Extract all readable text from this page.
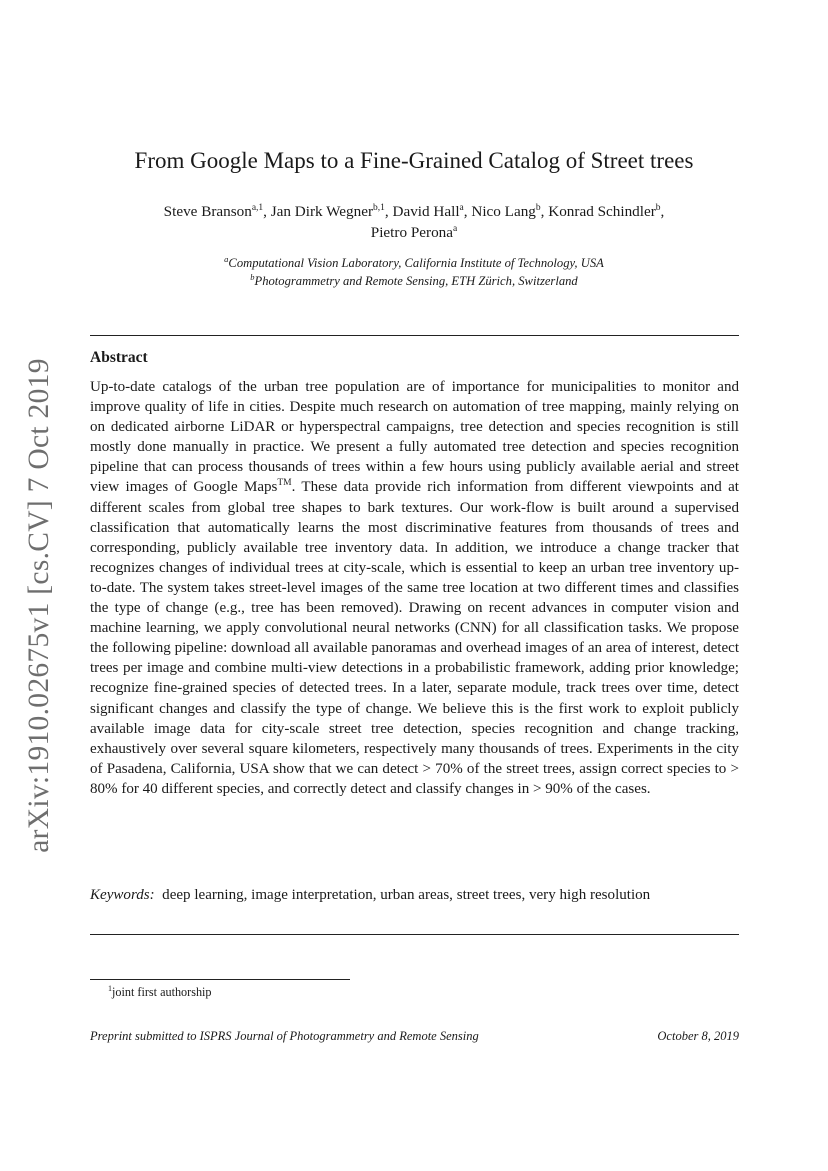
arXiv:1910.02675v1 [cs.CV] 7 Oct 2019
From Google Maps to a Fine-Grained Catalog of Street trees
Steve Branson$^{a,1}$, Jan Dirk Wegner$^{b,1}$, David Hall$^a$, Nico Lang$^b$, Konrad Schindler$^b$,
Pietro Perona$^a$
$^a$Computational Vision Laboratory, California Institute of Technology, USA
$^b$Photogrammetry and Remote Sensing, ETH Zürich, Switzerland
Abstract
Up-to-date catalogs of the urban tree population are of importance for municipalities to monitor and improve quality of life in cities. Despite much research on automation of tree mapping, mainly relying on on dedicated airborne LiDAR or hyperspectral campaigns, tree detection and species recognition is still mostly done manually in practice. We present a fully automated tree detection and species recognition pipeline that can process thousands of trees within a few hours using publicly available aerial and street view images of Google Maps™. These data provide rich information from different viewpoints and at different scales from global tree shapes to bark textures. Our work-flow is built around a supervised classification that automatically learns the most discriminative features from thousands of trees and corresponding, publicly available tree inventory data. In addition, we introduce a change tracker that recognizes changes of individual trees at city-scale, which is essential to keep an urban tree inventory up-to-date. The system takes street-level images of the same tree location at two different times and classifies the type of change (e.g., tree has been removed). Drawing on recent advances in computer vision and machine learning, we apply convolutional neural networks (CNN) for all classification tasks. We propose the following pipeline: download all available panoramas and overhead images of an area of interest, detect trees per image and combine multi-view detections in a probabilistic framework, adding prior knowledge; recognize fine-grained species of detected trees. In a later, separate module, track trees over time, detect significant changes and classify the type of change. We believe this is the first work to exploit publicly available image data for city-scale street tree detection, species recognition and change tracking, exhaustively over several square kilometers, respectively many thousands of trees. Experiments in the city of Pasadena, California, USA show that we can detect > 70% of the street trees, assign correct species to > 80% for 40 different species, and correctly detect and classify changes in > 90% of the cases.
Keywords: deep learning, image interpretation, urban areas, street trees, very high resolution
$^1$joint first authorship
Preprint submitted to ISPRS Journal of Photogrammetry and Remote Sensing	October 8, 2019
